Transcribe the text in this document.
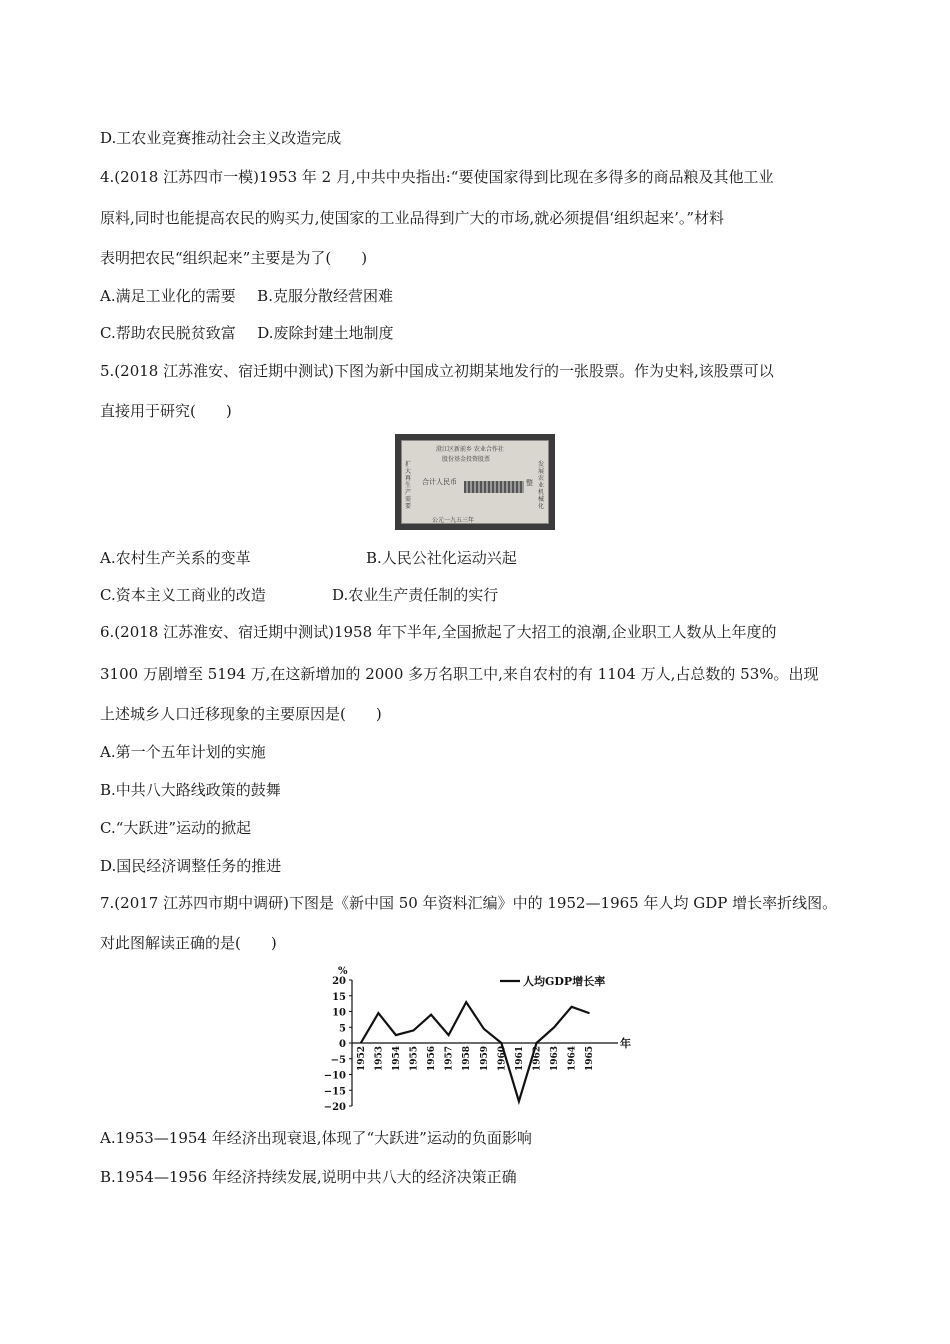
D.工农业竞赛推动社会主义改造完成
4.(2018 江苏四市一模)1953 年 2 月,中共中央指出:“要使国家得到比现在多得多的商品粮及其他工业
原料,同时也能提高农民的购买力,使国家的工业品得到广大的市场,就必须提倡‘组织起来’。”材料
表明把农民“组织起来”主要是为了(　　)
A.满足工业化的需要 B.克服分散经营困难
C.帮助农民脱贫致富 D.废除封建土地制度
5.(2018 江苏淮安、宿迁期中测试)下图为新中国成立初期某地发行的一张股票。作为史料,该股票可以
直接用于研究(　　)
澄江区新前乡 农业合作社
股份基金投资股票
扩大再生产需要
发展农业机械化
合计人民币	整
公元一九五三年
A.农村生产关系的变革	B.人民公社化运动兴起
C.资本主义工商业的改造	D.农业生产责任制的实行
6.(2018 江苏淮安、宿迁期中测试)1958 年下半年,全国掀起了大招工的浪潮,企业职工人数从上年度的
3100 万剧增至 5194 万,在这新增加的 2000 多万名职工中,来自农村的有 1104 万人,占总数的 53%。出现
上述城乡人口迁移现象的主要原因是(　　)
A.第一个五年计划的实施
B.中共八大路线政策的鼓舞
C.“大跃进”运动的掀起
D.国民经济调整任务的推进
7.(2017 江苏四市期中调研)下图是《新中国 50 年资料汇编》中的 1952—1965 年人均 GDP 增长率折线图。
对此图解读正确的是(　　)
%
年
20
15
10
5
0
−5
−10
−15
−20
1952 1953 1954 1955 1956 1957 1958 1959 1960 1961 1962 1963 1964 1965
人均GDP增长率
A.1953—1954 年经济出现衰退,体现了“大跃进”运动的负面影响
B.1954—1956 年经济持续发展,说明中共八大的经济决策正确
